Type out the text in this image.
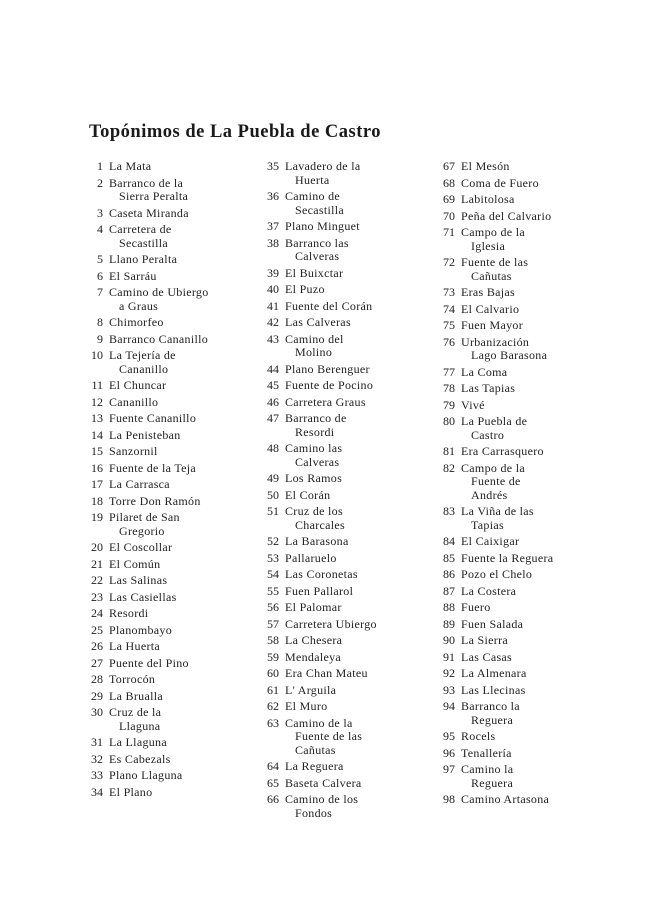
Topónimos de La Puebla de Castro
1 La Mata
2 Barranco de la
Sierra Peralta
3 Caseta Miranda
4 Carretera de
Secastilla
5 Llano Peralta
6 El Sarráu
7 Camino de Ubiergo
a Graus
8 Chimorfeo
9 Barranco Cananillo
10 La Tejería de
Cananillo
11 El Chuncar
12 Cananillo
13 Fuente Cananillo
14 La Penisteban
15 Sanzornil
16 Fuente de la Teja
17 La Carrasca
18 Torre Don Ramón
19 Pilaret de San
Gregorio
20 El Coscollar
21 El Común
22 Las Salinas
23 Las Casiellas
24 Resordi
25 Planombayo
26 La Huerta
27 Puente del Pino
28 Torrocón
29 La Brualla
30 Cruz de la
Llaguna
31 La Llaguna
32 Es Cabezals
33 Plano Llaguna
34 El Plano
35 Lavadero de la
Huerta
36 Camino de
Secastilla
37 Plano Minguet
38 Barranco las
Calveras
39 El Buixctar
40 El Puzo
41 Fuente del Corán
42 Las Calveras
43 Camino del
Molino
44 Plano Berenguer
45 Fuente de Pocino
46 Carretera Graus
47 Barranco de
Resordi
48 Camino las
Calveras
49 Los Ramos
50 El Corán
51 Cruz de los
Charcales
52 La Barasona
53 Pallaruelo
54 Las Coronetas
55 Fuen Pallarol
56 El Palomar
57 Carretera Ubiergo
58 La Chesera
59 Mendaleya
60 Era Chan Mateu
61 L' Arguila
62 El Muro
63 Camino de la
Fuente de las
Cañutas
64 La Reguera
65 Baseta Calvera
66 Camino de los
Fondos
67 El Mesón
68 Coma de Fuero
69 Labitolosa
70 Peña del Calvario
71 Campo de la
Iglesia
72 Fuente de las
Cañutas
73 Eras Bajas
74 El Calvario
75 Fuen Mayor
76 Urbanización
Lago Barasona
77 La Coma
78 Las Tapias
79 Vivé
80 La Puebla de
Castro
81 Era Carrasquero
82 Campo de la
Fuente de
Andrés
83 La Viña de las
Tapias
84 El Caixigar
85 Fuente la Reguera
86 Pozo el Chelo
87 La Costera
88 Fuero
89 Fuen Salada
90 La Sierra
91 Las Casas
92 La Almenara
93 Las Llecinas
94 Barranco la
Reguera
95 Rocels
96 Tenallería
97 Camino la
Reguera
98 Camino Artasona
